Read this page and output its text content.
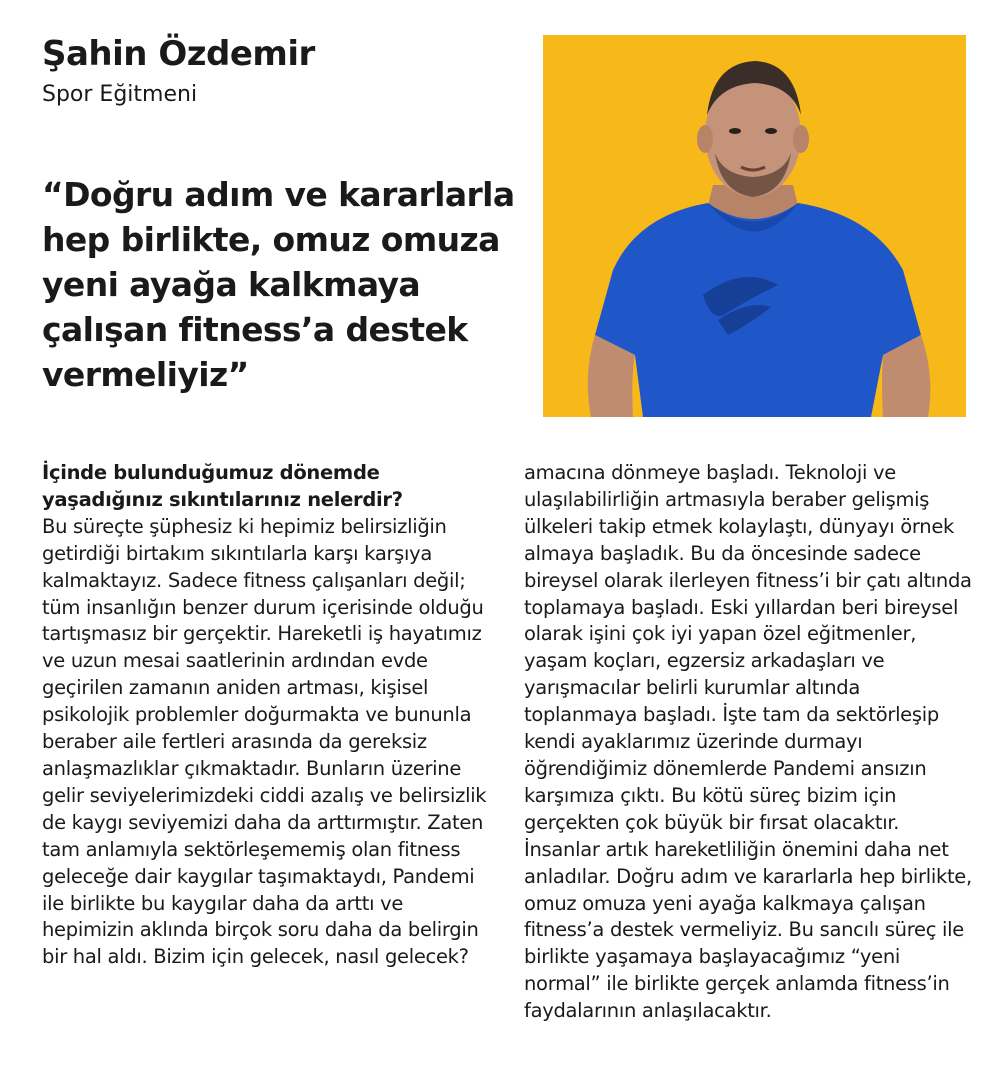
Şahin Özdemir
Spor Eğitmeni
“Doğru adım ve kararlarla hep birlikte, omuz omuza yeni ayağa kalkmaya çalışan fitness’a destek vermeliyiz”

İçinde bulunduğumuz dönemde yaşadığınız sıkıntılarınız nelerdir?

Bu süreçte şüphesiz ki hepimiz belirsizliğin getirdiği birtakım sıkıntılarla karşı karşıya kalmaktayız. Sadece fitness çalışanları değil; tüm insanlığın benzer durum içerisinde olduğu tartışmasız bir gerçektir. Hareketli iş hayatımız ve uzun mesai saatlerinin ardından evde geçirilen zamanın aniden artması, kişisel psikolojik problemler doğurmakta ve bununla beraber aile fertleri arasında da gereksiz anlaşmazlıklar çıkmaktadır. Bunların üzerine gelir seviyelerimizdeki ciddi azalış ve belirsizlik de kaygı seviyemizi daha da arttırmıştır. Zaten tam anlamıyla sektörleşememiş olan fitness geleceğe dair kaygılar taşımaktaydı, Pandemi ile birlikte bu kaygılar daha da arttı ve hepimizin aklında birçok soru daha da belirgin bir hal aldı. Bizim için gelecek, nasıl gelecek?

amacına dönmeye başladı. Teknoloji ve ulaşılabilirliğin artmasıyla beraber gelişmiş ülkeleri takip etmek kolaylaştı, dünyayı örnek almaya başladık. Bu da öncesinde sadece bireysel olarak ilerleyen fitness’i bir çatı altında toplamaya başladı. Eski yıllardan beri bireysel olarak işini çok iyi yapan özel eğitmenler, yaşam koçları, egzersiz arkadaşları ve yarışmacılar belirli kurumlar altında toplanmaya başladı. İşte tam da sektörleşip kendi ayaklarımız üzerinde durmayı öğrendiğimiz dönemlerde Pandemi ansızın karşımıza çıktı. Bu kötü süreç bizim için gerçekten çok büyük bir fırsat olacaktır. İnsanlar artık hareketliliğin önemini daha net anladılar. Doğru adım ve kararlarla hep birlikte, omuz omuza yeni ayağa kalkmaya çalışan fitness’a destek vermeliyiz. Bu sancılı süreç ile birlikte yaşamaya başlayacağımız “yeni normal” ile birlikte gerçek anlamda fitness’in faydalarının anlaşılacaktır.
